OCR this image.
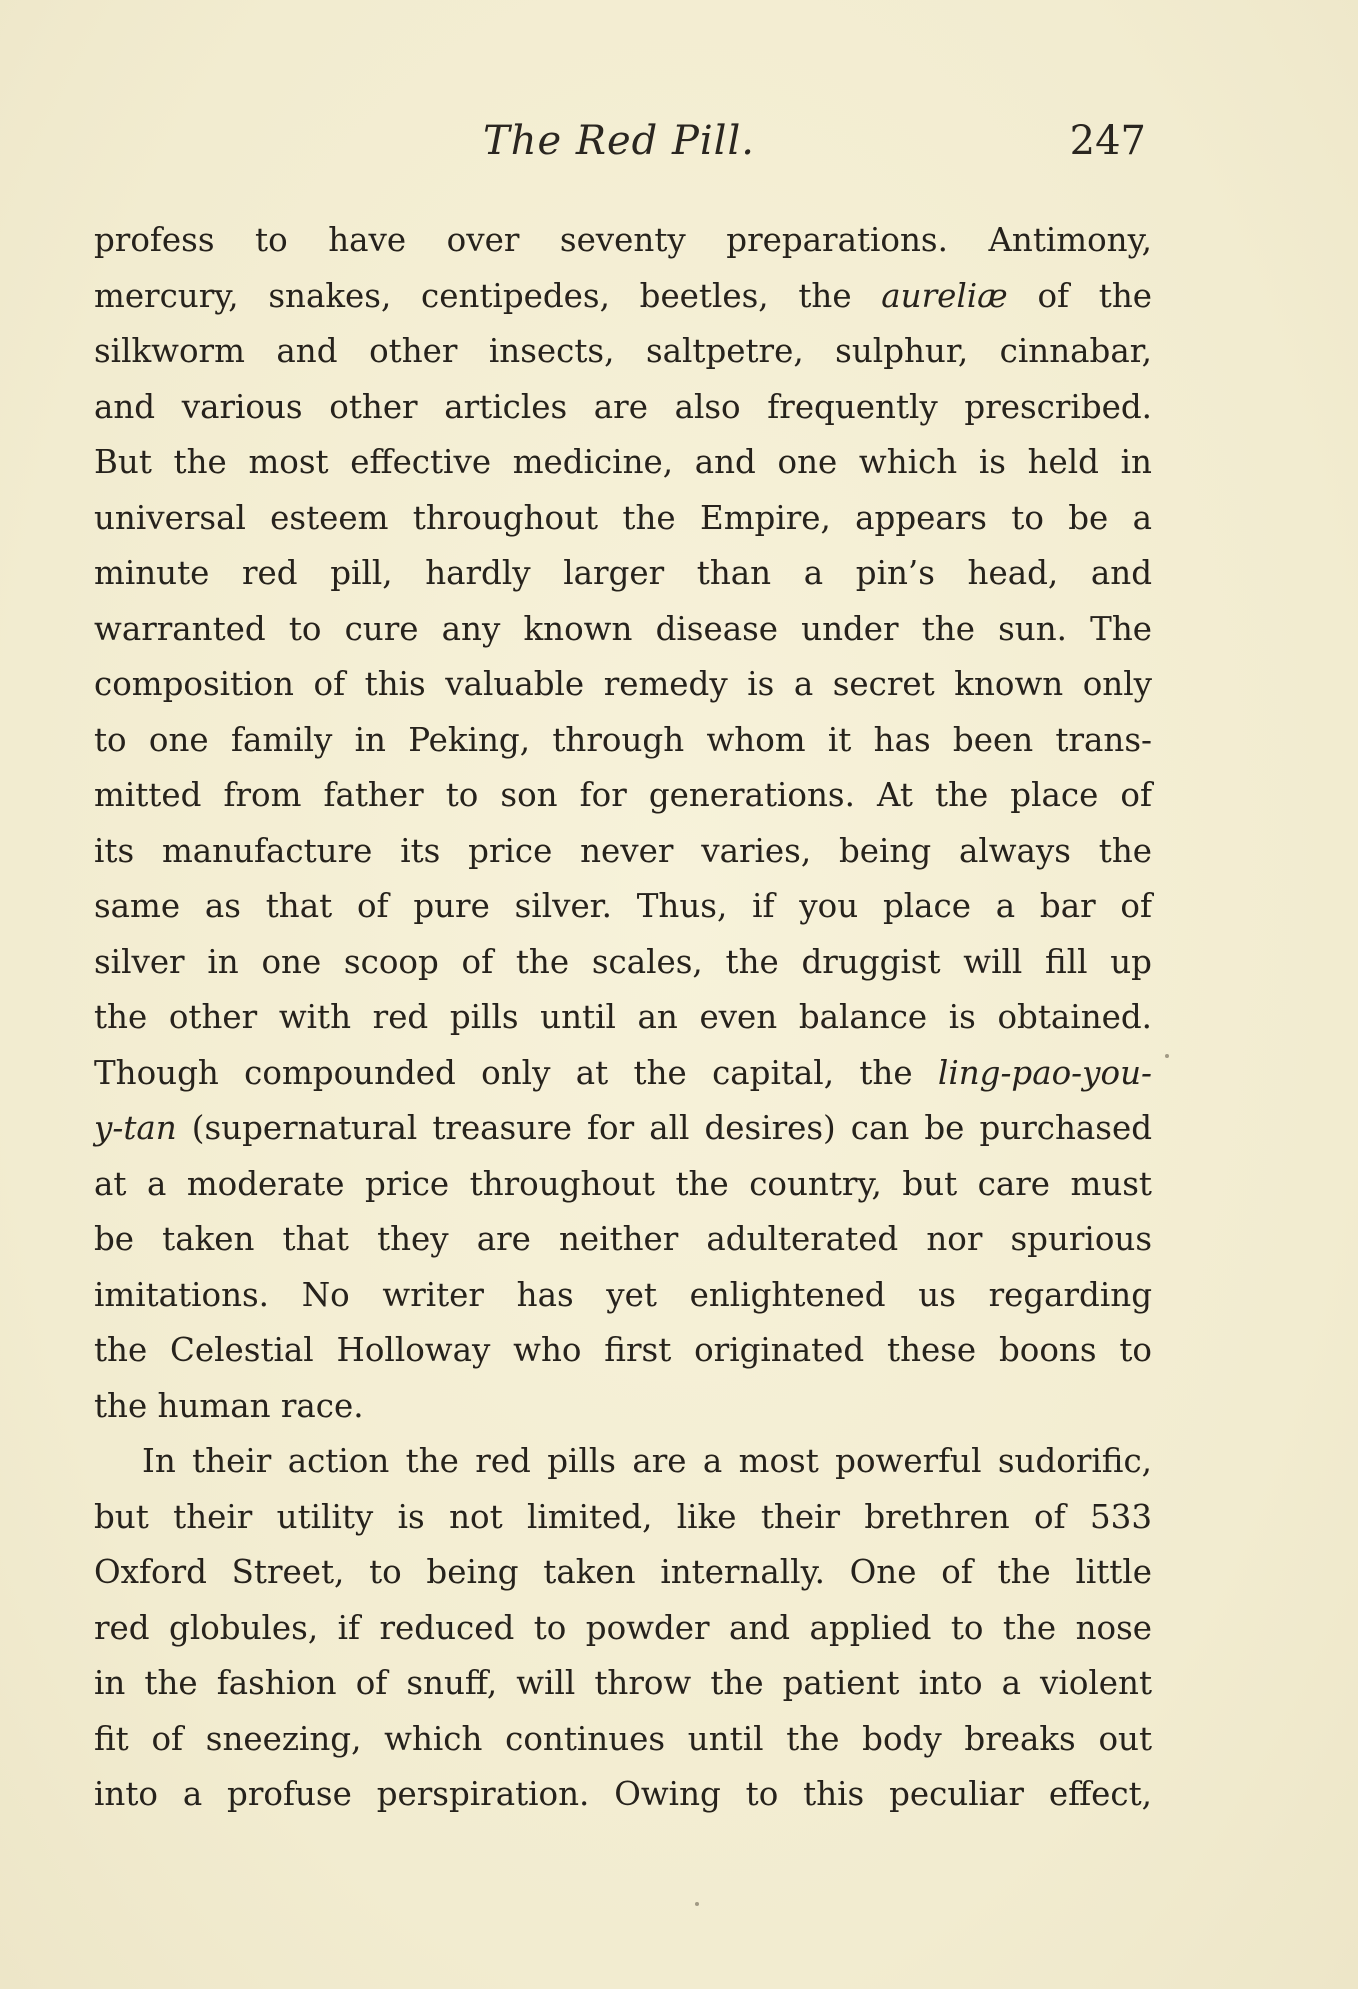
The Red Pill.	247

profess to have over seventy preparations. Antimony,
mercury, snakes, centipedes, beetles, the aureliæ of the
silkworm and other insects, saltpetre, sulphur, cinnabar,
and various other articles are also frequently prescribed.
But the most effective medicine, and one which is held in
universal esteem throughout the Empire, appears to be a
minute red pill, hardly larger than a pin’s head, and
warranted to cure any known disease under the sun. The
composition of this valuable remedy is a secret known only
to one family in Peking, through whom it has been trans-
mitted from father to son for generations. At the place of
its manufacture its price never varies, being always the
same as that of pure silver. Thus, if you place a bar of
silver in one scoop of the scales, the druggist will fill up
the other with red pills until an even balance is obtained.
Though compounded only at the capital, the ling-pao-you-
y-tan (supernatural treasure for all desires) can be purchased
at a moderate price throughout the country, but care must
be taken that they are neither adulterated nor spurious
imitations. No writer has yet enlightened us regarding
the Celestial Holloway who first originated these boons to
the human race.

In their action the red pills are a most powerful sudorific,
but their utility is not limited, like their brethren of 533
Oxford Street, to being taken internally. One of the little
red globules, if reduced to powder and applied to the nose
in the fashion of snuff, will throw the patient into a violent
fit of sneezing, which continues until the body breaks out
into a profuse perspiration. Owing to this peculiar effect,
